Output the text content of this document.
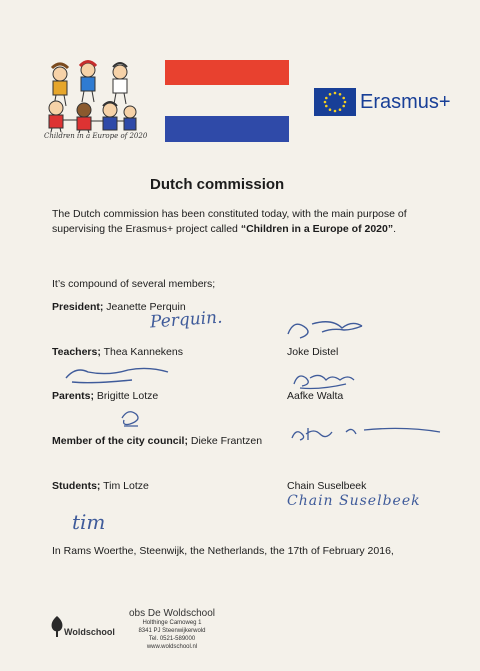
Children in a Europe of 2020
Erasmus+
Dutch commission
The Dutch commission has been constituted today, with the main purpose of supervising the Erasmus+ project called “Children in a Europe of 2020”.
It’s compound of several members;
President; Jeanette Perquin
Perquin.
Teachers; Thea Kannekens	Joke Distel
Parents; Brigitte Lotze	Aafke Walta
Member of the city council; Dieke Frantzen
Students; Tim Lotze	Chain Suselbeek
Chain Suselbeek
tim
In Rams Woerthe, Steenwijk, the Netherlands, the 17th of February 2016,
Woldschool
obs De Woldschool
Holthinge Camoweg 1
8341 PJ Steenwijkerwold
Tel. 0521-589000
www.woldschool.nl
